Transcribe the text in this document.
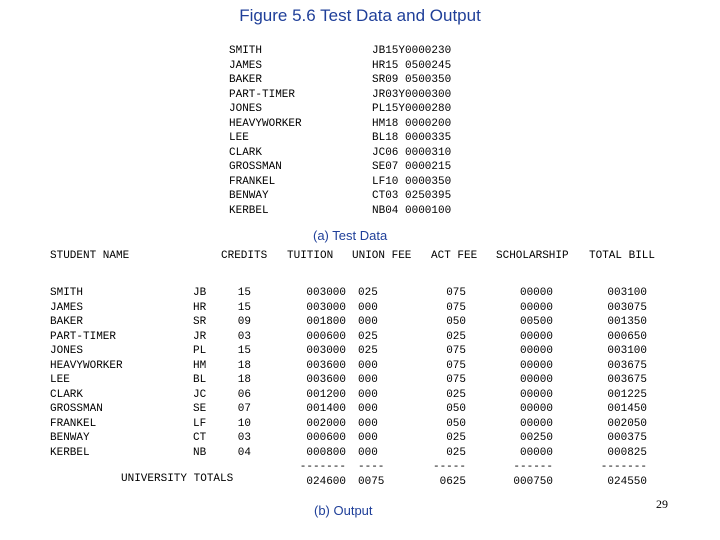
Figure 5.6 Test Data and Output
SMITH
JAMES
BAKER
PART-TIMER
JONES
HEAVYWORKER
LEE
CLARK
GROSSMAN
FRANKEL
BENWAY
KERBEL
JB15Y0000230
HR15 0500245
SR09 0500350
JR03Y0000300
PL15Y0000280
HM18 0000200
BL18 0000335
JC06 0000310
SE07 0000215
LF10 0000350
CT03 0250395
NB04 0000100
(a) Test Data
STUDENT NAME	CREDITS TUITION UNION FEE ACT FEE SCHOLARSHIP TOTAL BILL
SMITH
JAMES
BAKER
PART-TIMER
JONES
HEAVYWORKER
LEE
CLARK
GROSSMAN
FRANKEL
BENWAY
KERBEL
JB
HR
SR
JR
PL
HM
BL
JC
SE
LF
CT
NB
15
15
09
03
15
18
18
06
07
10
03
04
003000
003000
001800
000600
003000
003600
003600
001200
001400
002000
000600
000800
-------
024600
025
000
000
025
025
000
000
000
000
000
000
000
----
0075
075
075
050
025
075
075
075
025
050
050
025
025
-----
0625
00000
00000
00500
00000
00000
00000
00000
00000
00000
00000
00250
00000
------
000750
003100
003075
001350
000650
003100
003675
003675
001225
001450
002050
000375
000825
-------
024550
UNIVERSITY TOTALS
(b) Output	29
